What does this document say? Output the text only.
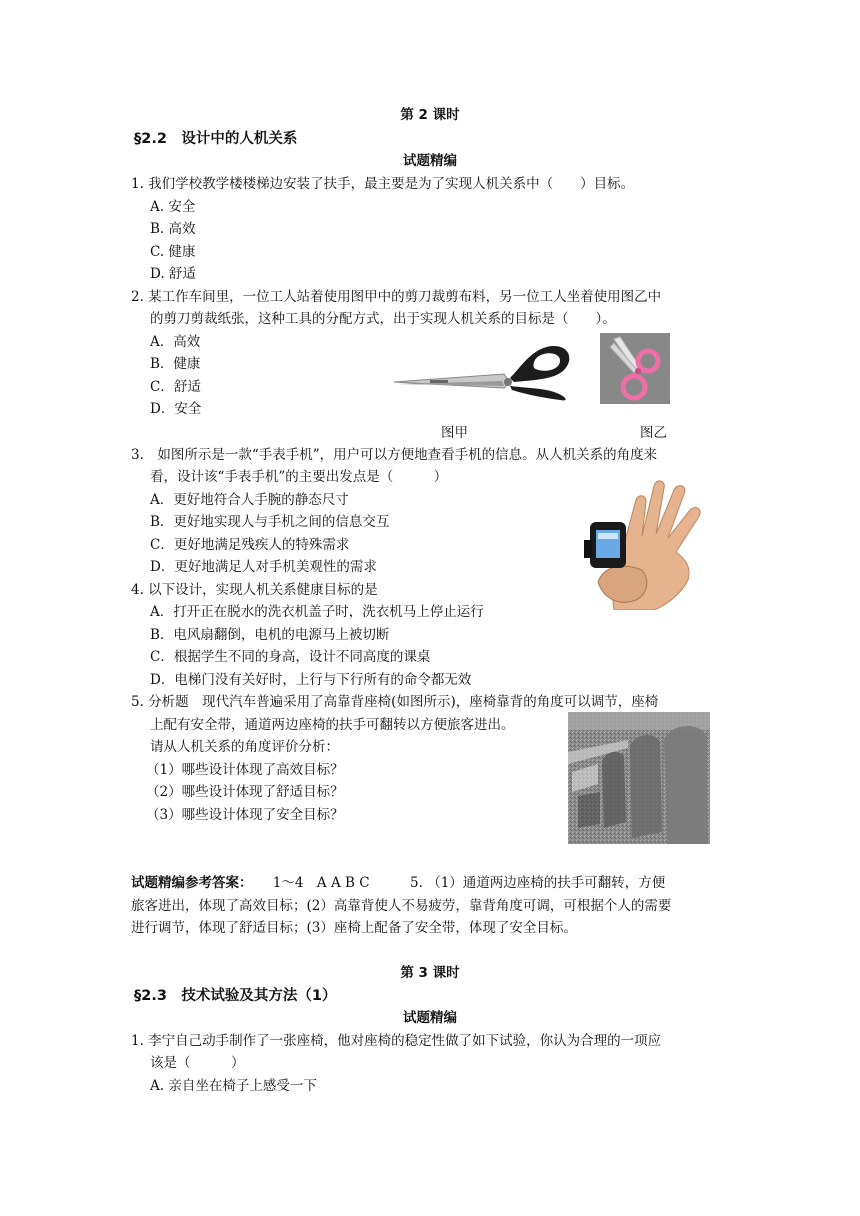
第 2 课时
§2.2　设计中的人机关系
试题精编
1. 我们学校教学楼楼梯边安装了扶手，最主要是为了实现人机关系中（　　）目标。
A. 安全
B. 高效
C. 健康
D. 舒适
2. 某工作车间里，一位工人站着使用图甲中的剪刀裁剪布料，另一位工人坐着使用图乙中
的剪刀剪裁纸张，这种工具的分配方式，出于实现人机关系的目标是（　　）。
A．高效
B．健康
C．舒适
D．安全
图甲	图乙
3.　如图所示是一款“手表手机”，用户可以方便地查看手机的信息。从人机关系的角度来
看，设计该“手表手机”的主要出发点是（　　　）
A．更好地符合人手腕的静态尺寸
B．更好地实现人与手机之间的信息交互
C．更好地满足残疾人的特殊需求
D．更好地满足人对手机美观性的需求
4. 以下设计，实现人机关系健康目标的是
A．打开正在脱水的洗衣机盖子时，洗衣机马上停止运行
B．电风扇翻倒，电机的电源马上被切断
C．根据学生不同的身高，设计不同高度的课桌
D．电梯门没有关好时，上行与下行所有的命令都无效
5. 分析题　现代汽车普遍采用了高靠背座椅(如图所示)，座椅靠背的角度可以调节，座椅
上配有安全带，通道两边座椅的扶手可翻转以方便旅客进出。
请从人机关系的角度评价分析：
（1）哪些设计体现了高效目标？
（2）哪些设计体现了舒适目标？
（3）哪些设计体现了安全目标？
试题精编参考答案：　　1～4　A A B C　　　5. （1）通道两边座椅的扶手可翻转，方便
旅客进出，体现了高效目标；(2）高靠背使人不易疲劳，靠背角度可调，可根据个人的需要
进行调节，体现了舒适目标；(3）座椅上配备了安全带，体现了安全目标。
第 3 课时
§2.3　技术试验及其方法（1）
试题精编
1. 李宁自己动手制作了一张座椅，他对座椅的稳定性做了如下试验，你认为合理的一项应
该是（　　　）
A. 亲自坐在椅子上感受一下
